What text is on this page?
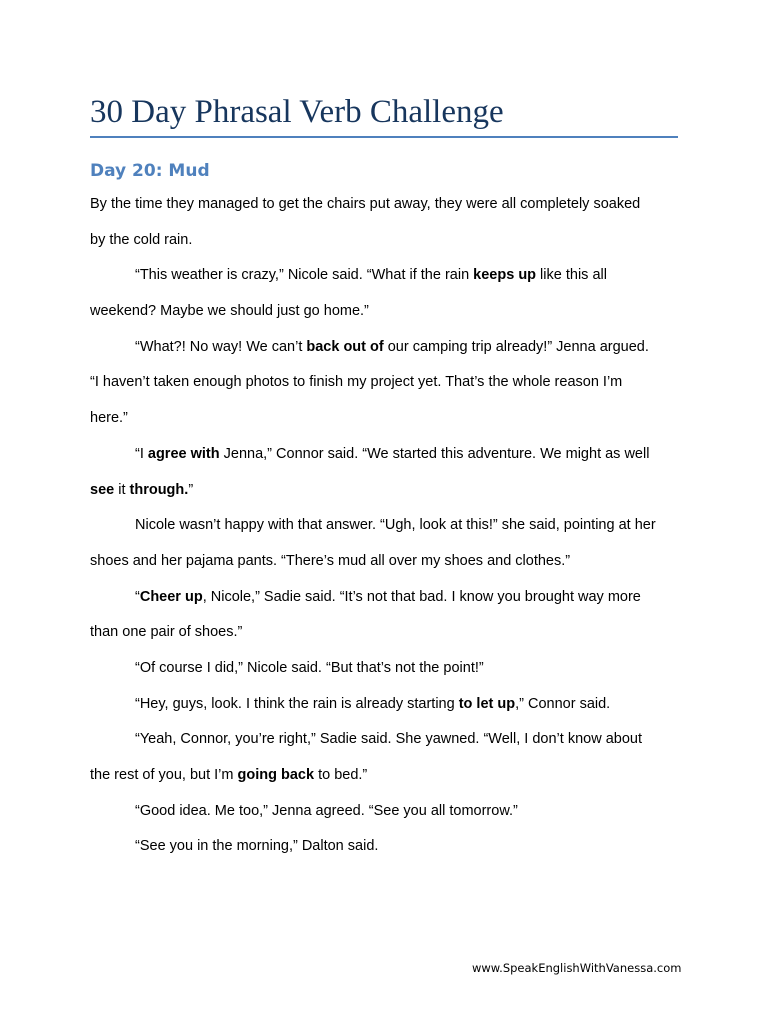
30 Day Phrasal Verb Challenge
Day 20: Mud

By the time they managed to get the chairs put away, they were all completely soaked
by the cold rain.

“This weather is crazy,” Nicole said. “What if the rain keeps up like this all
weekend? Maybe we should just go home.”

“What?! No way! We can’t back out of our camping trip already!” Jenna argued.
“I haven’t taken enough photos to finish my project yet. That’s the whole reason I’m
here.”

“I agree with Jenna,” Connor said. “We started this adventure. We might as well
see it through.”

Nicole wasn’t happy with that answer. “Ugh, look at this!” she said, pointing at her
shoes and her pajama pants. “There’s mud all over my shoes and clothes.”

“Cheer up, Nicole,” Sadie said. “It’s not that bad. I know you brought way more
than one pair of shoes.”

“Of course I did,” Nicole said. “But that’s not the point!”

“Hey, guys, look. I think the rain is already starting to let up,” Connor said.

“Yeah, Connor, you’re right,” Sadie said. She yawned. “Well, I don’t know about
the rest of you, but I’m going back to bed.”

“Good idea. Me too,” Jenna agreed. “See you all tomorrow.”

“See you in the morning,” Dalton said.

www.SpeakEnglishWithVanessa.com
